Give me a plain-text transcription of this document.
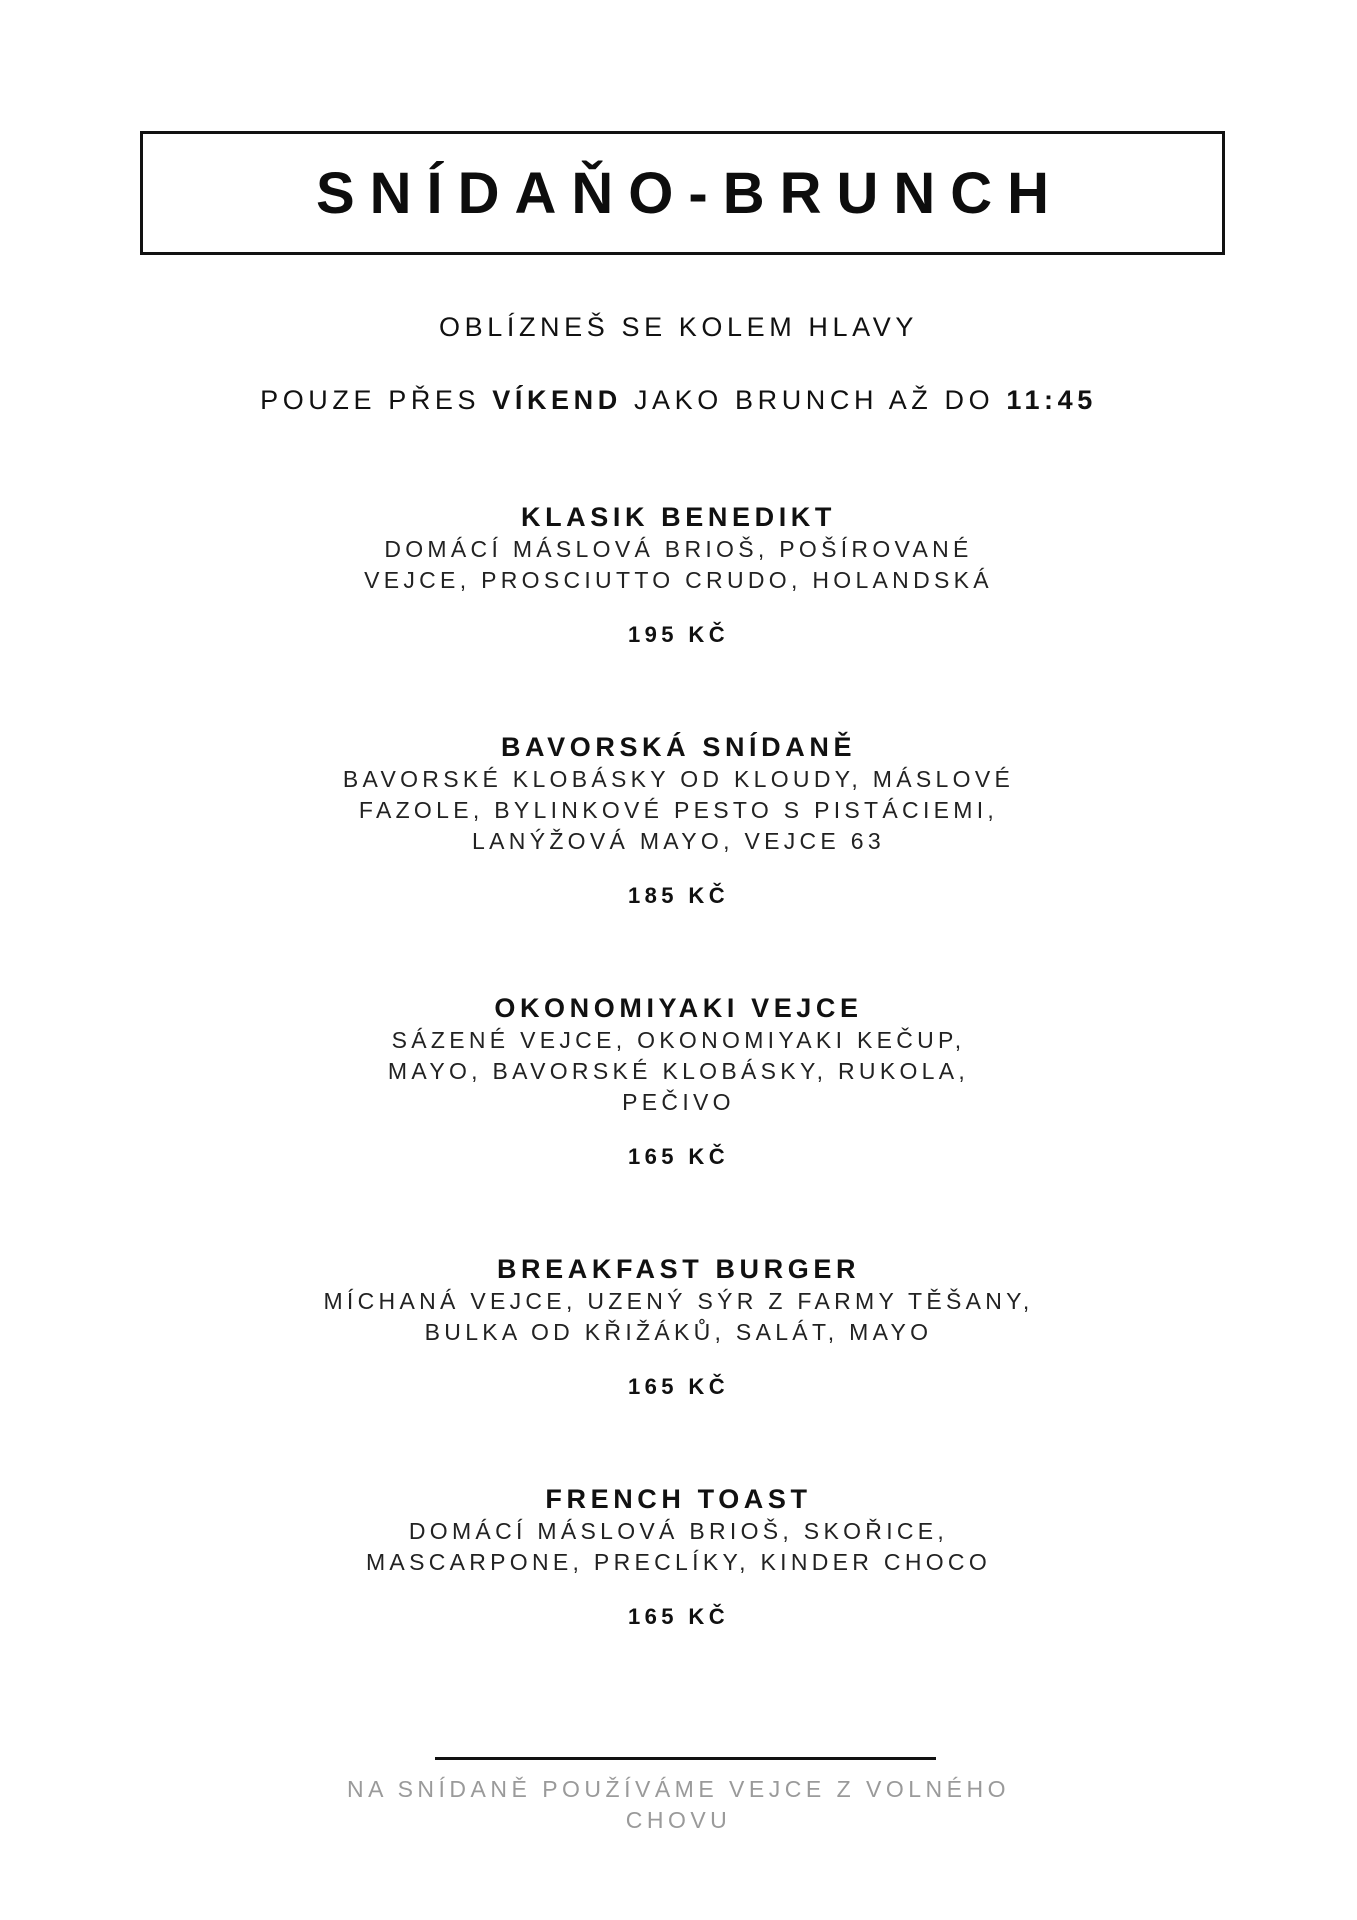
SNÍDAŇO-BRUNCH
OBLÍZNEŠ SE KOLEM HLAVY
POUZE PŘES VÍKEND JAKO BRUNCH AŽ DO 11:45
KLASIK BENEDIKT
DOMÁCÍ MÁSLOVÁ BRIOŠ, POŠÍROVANÉ
VEJCE, PROSCIUTTO CRUDO, HOLANDSKÁ
195 KČ
BAVORSKÁ SNÍDANĚ
BAVORSKÉ KLOBÁSKY OD KLOUDY, MÁSLOVÉ
FAZOLE, BYLINKOVÉ PESTO S PISTÁCIEMI,
LANÝŽOVÁ MAYO, VEJCE 63
185 KČ
OKONOMIYAKI VEJCE
SÁZENÉ VEJCE, OKONOMIYAKI KEČUP,
MAYO, BAVORSKÉ KLOBÁSKY, RUKOLA,
PEČIVO
165 KČ
BREAKFAST BURGER
MÍCHANÁ VEJCE, UZENÝ SÝR Z FARMY TĚŠANY,
BULKA OD KŘIŽÁKŮ, SALÁT, MAYO
165 KČ
FRENCH TOAST
DOMÁCÍ MÁSLOVÁ BRIOŠ, SKOŘICE,
MASCARPONE, PRECLÍKY, KINDER CHOCO
165 KČ
NA SNÍDANĚ POUŽÍVÁME VEJCE Z VOLNÉHO
CHOVU
